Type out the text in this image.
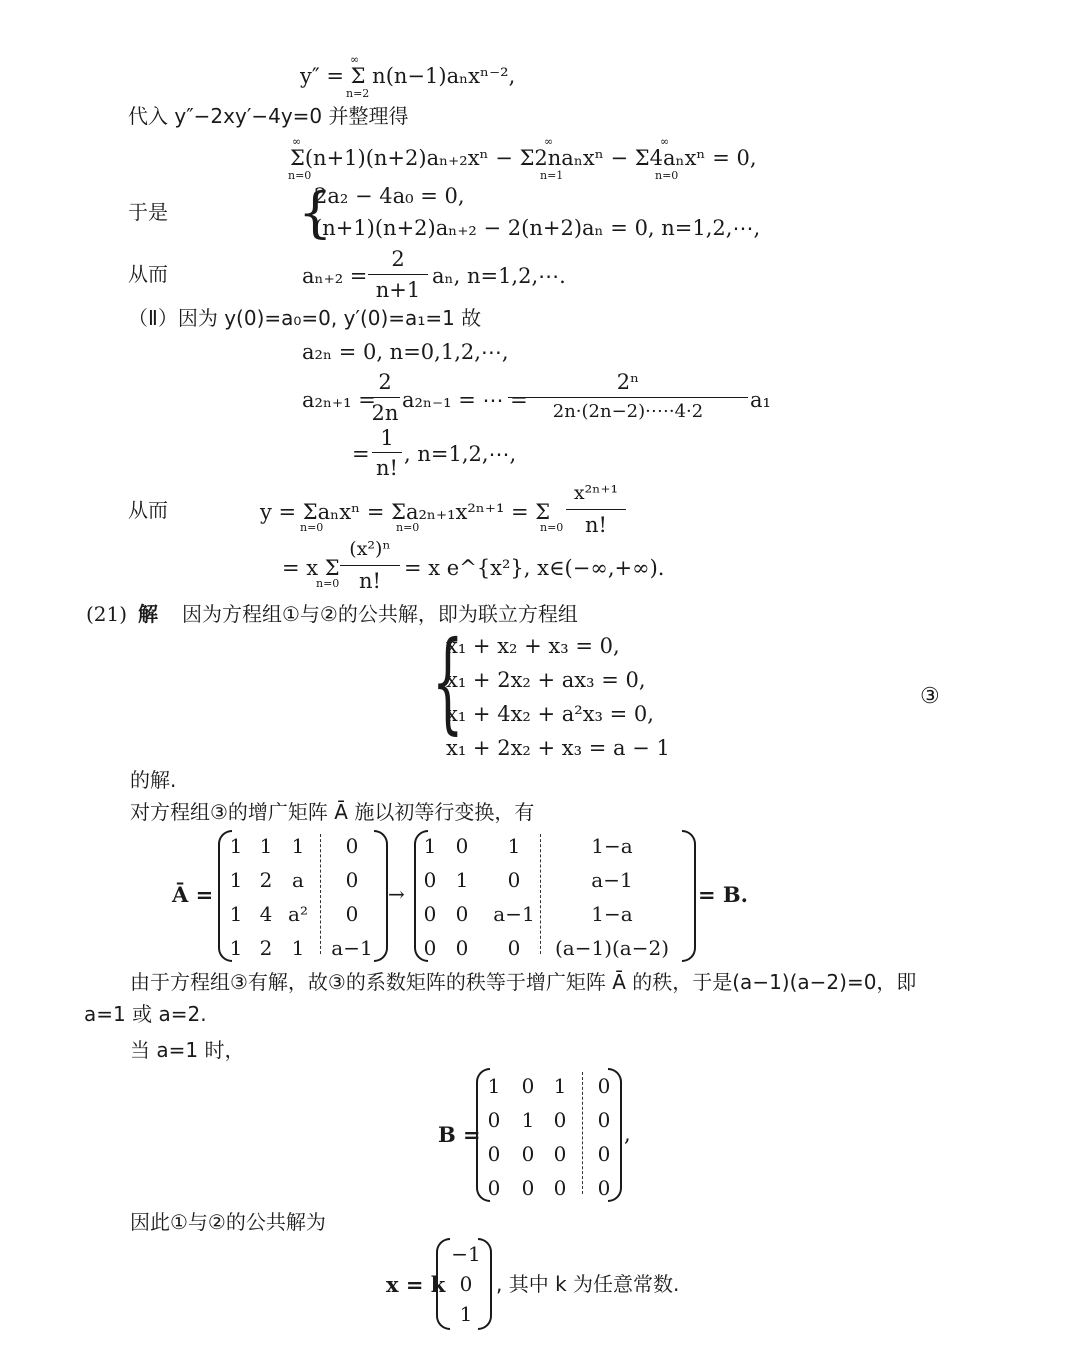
y″ = Σ n(n−1)aₙxⁿ⁻²,
n=2
∞
代入 y″−2xy′−4y=0 并整理得
Σ(n+1)(n+2)aₙ₊₂xⁿ − Σ2naₙxⁿ − Σ4aₙxⁿ = 0,
n=0	n=1	n=0
∞	∞	∞
于是 {
2a₂ − 4a₀ = 0,
(n+1)(n+2)aₙ₊₂ − 2(n+2)aₙ = 0, n=1,2,⋯,
从而	aₙ₊₂ =
2
n+1
aₙ, n=1,2,⋯.
（Ⅱ）因为 y(0)=a₀=0, y′(0)=a₁=1 故
a₂ₙ = 0, n=0,1,2,⋯,
a₂ₙ₊₁ =
2
2n
a₂ₙ₋₁ = ⋯ =
2ⁿ
2n·(2n−2)·⋯·4·2	a₁
=
1
n!
, n=1,2,⋯,
从而	y = Σaₙxⁿ = Σa₂ₙ₊₁x²ⁿ⁺¹ = Σ
n=0	n=0	n=0
x²ⁿ⁺¹
n!
= x Σ
n=0
(x²)ⁿ
n!
= x e^{x²}, x∈(−∞,+∞).
(21) 解 因为方程组①与②的公共解，即为联立方程组
{
x₁ + x₂ + x₃ = 0,
x₁ + 2x₂ + ax₃ = 0,
x₁ + 4x₂ + a²x₃ = 0,
x₁ + 2x₂ + x₃ = a − 1
③
的解.
对方程组③的增广矩阵 Ā 施以初等行变换，有
Ā =
1 1 1 0
1 2 a 0
1 4 a² 0
1 2 1 a−1
→
1 0 1	1−a
0 1 0	a−1
0 0 a−1	1−a
0 0 0 (a−1)(a−2)
= B.
由于方程组③有解，故③的系数矩阵的秩等于增广矩阵 Ā 的秩，于是(a−1)(a−2)=0，即
a=1 或 a=2.
当 a=1 时，
B =
1 0 1 0
0 1 0 0
0 0 0 0
0 0 0 0
,
因此①与②的公共解为
x = k
−1
0
1
, 其中 k 为任意常数.
